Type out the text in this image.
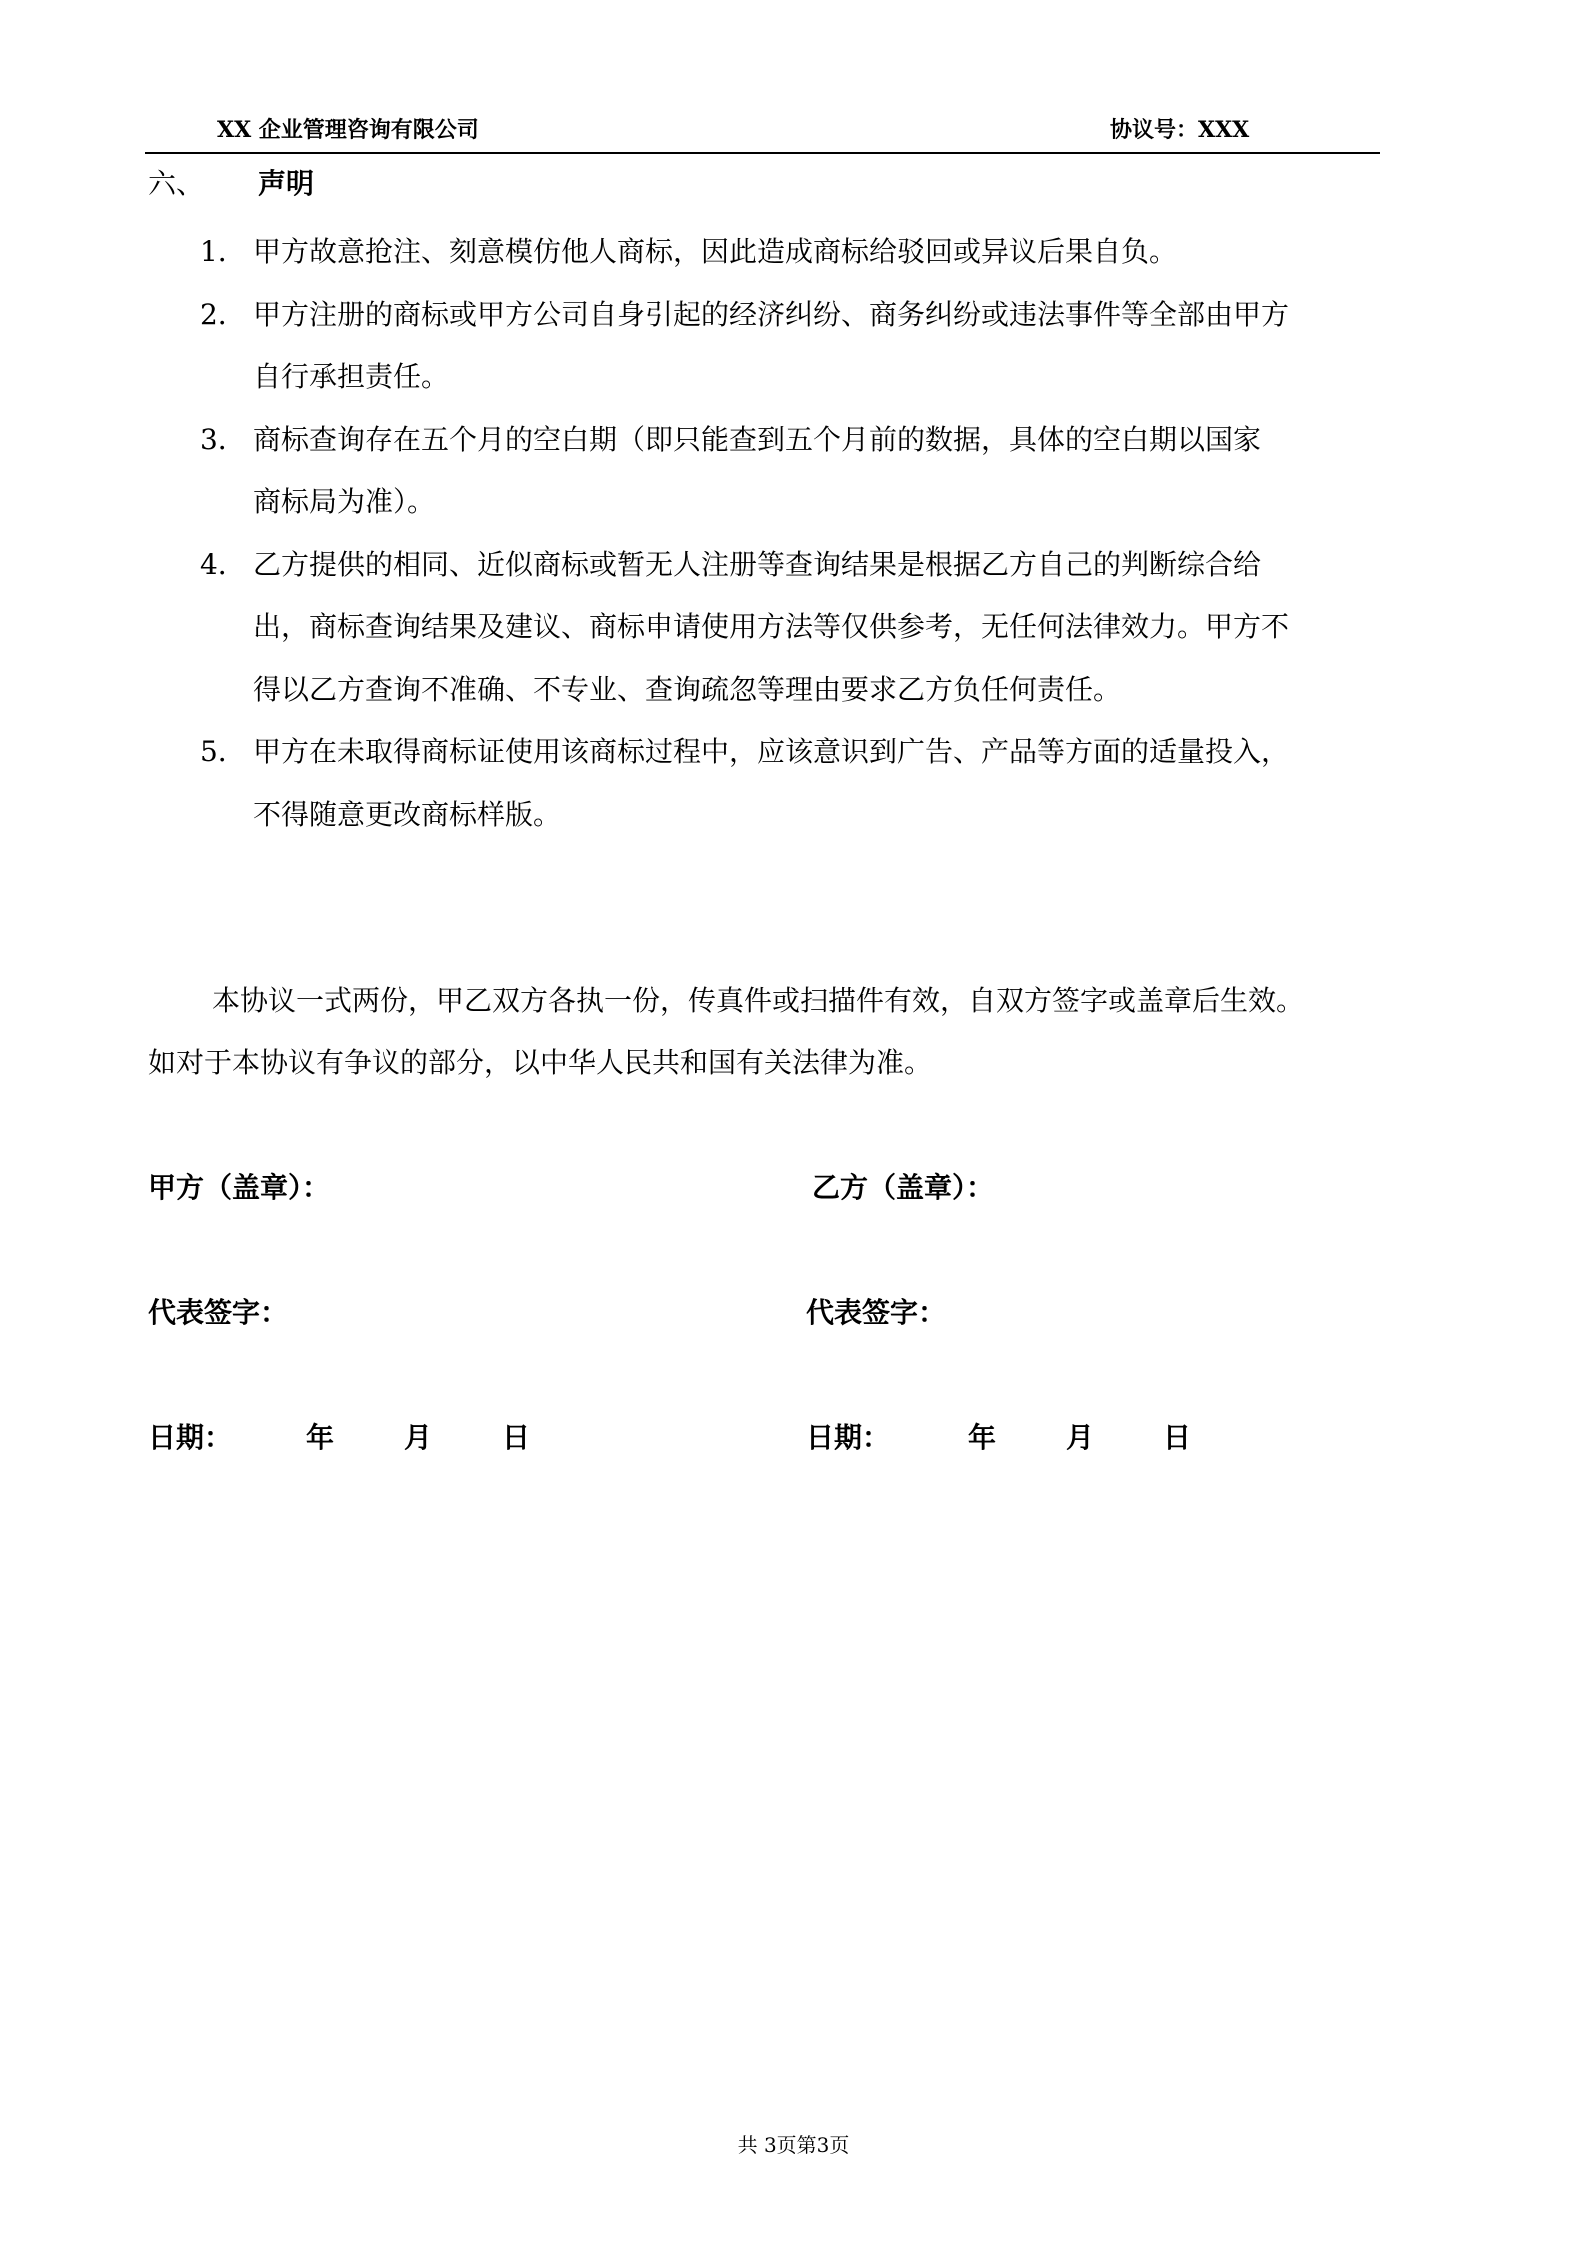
XX 企业管理咨询有限公司	协议号：XXX
六、 声明
1． 甲方故意抢注、刻意模仿他人商标，因此造成商标给驳回或异议后果自负。
2． 甲方注册的商标或甲方公司自身引起的经济纠纷、商务纠纷或违法事件等全部由甲方
自行承担责任。
3． 商标查询存在五个月的空白期（即只能查到五个月前的数据，具体的空白期以国家
商标局为准）。
4． 乙方提供的相同、近似商标或暂无人注册等查询结果是根据乙方自己的判断综合给
出，商标查询结果及建议、商标申请使用方法等仅供参考，无任何法律效力。甲方不
得以乙方查询不准确、不专业、查询疏忽等理由要求乙方负任何责任。
5． 甲方在未取得商标证使用该商标过程中，应该意识到广告、产品等方面的适量投入，
不得随意更改商标样版。
本协议一式两份，甲乙双方各执一份，传真件或扫描件有效，自双方签字或盖章后生效。
如对于本协议有争议的部分，以中华人民共和国有关法律为准。
甲方（盖章）：	乙方（盖章）：
代表签字：	代表签字：
日期：	年 月 日	日期：	年 月 日
共 3页第3页
